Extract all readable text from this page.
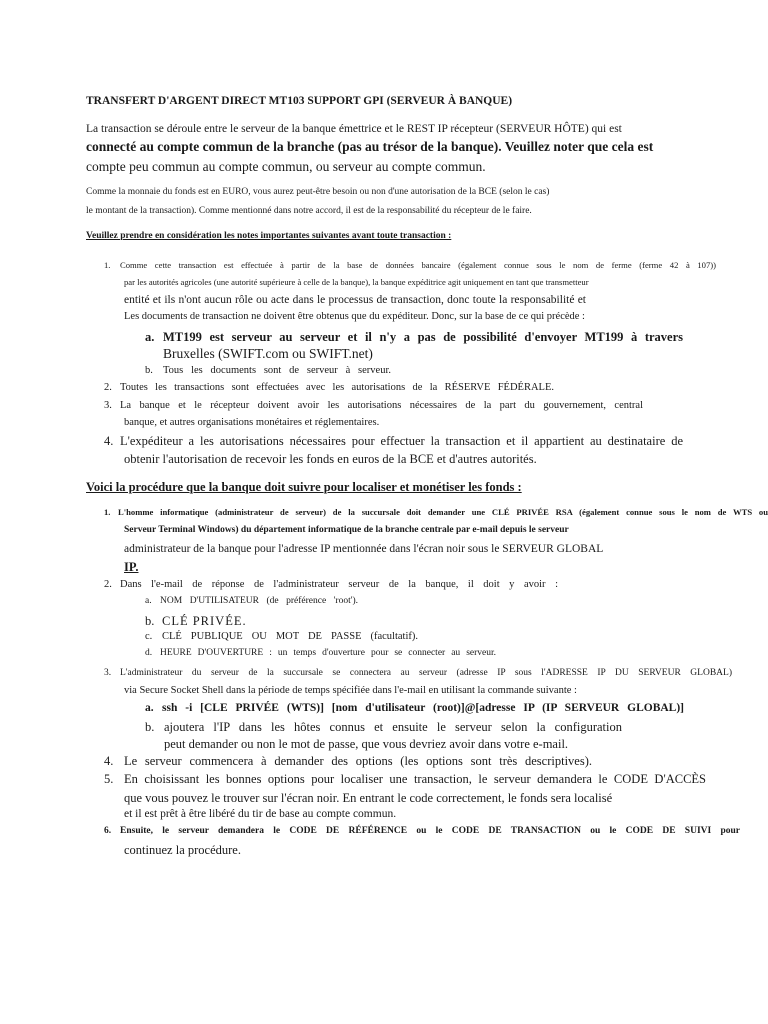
TRANSFERT D'ARGENT DIRECT MT103 SUPPORT GPI (SERVEUR À BANQUE)
La transaction se déroule entre le serveur de la banque émettrice et le REST IP récepteur (SERVEUR HÔTE) qui est
connecté au compte commun de la branche (pas au trésor de la banque). Veuillez noter que cela est
compte peu commun au compte commun, ou serveur au compte commun.
Comme la monnaie du fonds est en EURO, vous aurez peut-être besoin ou non d'une autorisation de la BCE (selon le cas)
le montant de la transaction). Comme mentionné dans notre accord, il est de la responsabilité du récepteur de le faire.
Veuillez prendre en considération les notes importantes suivantes avant toute transaction :
1. Comme cette transaction est effectuée à partir de la base de données bancaire (également connue sous le nom de ferme (ferme 42 à 107))
par les autorités agricoles (une autorité supérieure à celle de la banque), la banque expéditrice agit uniquement en tant que transmetteur
entité et ils n'ont aucun rôle ou acte dans le processus de transaction, donc toute la responsabilité et
Les documents de transaction ne doivent être obtenus que du expéditeur. Donc, sur la base de ce qui précède :
a. MT199 est serveur au serveur et il n'y a pas de possibilité d'envoyer MT199 à travers
Bruxelles (SWIFT.com ou SWIFT.net)
b. Tous les documents sont de serveur à serveur.
2. Toutes les transactions sont effectuées avec les autorisations de la RÉSERVE FÉDÉRALE.
3. La banque et le récepteur doivent avoir les autorisations nécessaires de la part du gouvernement, central
banque, et autres organisations monétaires et réglementaires.
4. L'expéditeur a les autorisations nécessaires pour effectuer la transaction et il appartient au destinataire de
obtenir l'autorisation de recevoir les fonds en euros de la BCE et d'autres autorités.
Voici la procédure que la banque doit suivre pour localiser et monétiser les fonds :
1. L'homme informatique (administrateur de serveur) de la succursale doit demander une CLÉ PRIVÉE RSA (également connue sous le nom de WTS ou
Serveur Terminal Windows) du département informatique de la branche centrale par e-mail depuis le serveur
administrateur de la banque pour l'adresse IP mentionnée dans l'écran noir sous le SERVEUR GLOBAL
IP.
2. Dans l'e-mail de réponse de l'administrateur serveur de la banque, il doit y avoir :
a. NOM D'UTILISATEUR (de préférence 'root').
b. CLÉ PRIVÉE.
c. CLÉ PUBLIQUE OU MOT DE PASSE (facultatif).
d. HEURE D'OUVERTURE : un temps d'ouverture pour se connecter au serveur.
3. L'administrateur du serveur de la succursale se connectera au serveur (adresse IP sous l'ADRESSE IP DU SERVEUR GLOBAL)
via Secure Socket Shell dans la période de temps spécifiée dans l'e-mail en utilisant la commande suivante :
a. ssh -i [CLE PRIVÉE (WTS)] [nom d'utilisateur (root)]@[adresse IP (IP SERVEUR GLOBAL)]
b. ajoutera l'IP dans les hôtes connus et ensuite le serveur selon la configuration
peut demander ou non le mot de passe, que vous devriez avoir dans votre e-mail.
4. Le serveur commencera à demander des options (les options sont très descriptives).
5. En choisissant les bonnes options pour localiser une transaction, le serveur demandera le CODE D'ACCÈS
que vous pouvez le trouver sur l'écran noir. En entrant le code correctement, le fonds sera localisé
et il est prêt à être libéré du tir de base au compte commun.
6. Ensuite, le serveur demandera le CODE DE RÉFÉRENCE ou le CODE DE TRANSACTION ou le CODE DE SUIVI pour
continuez la procédure.
